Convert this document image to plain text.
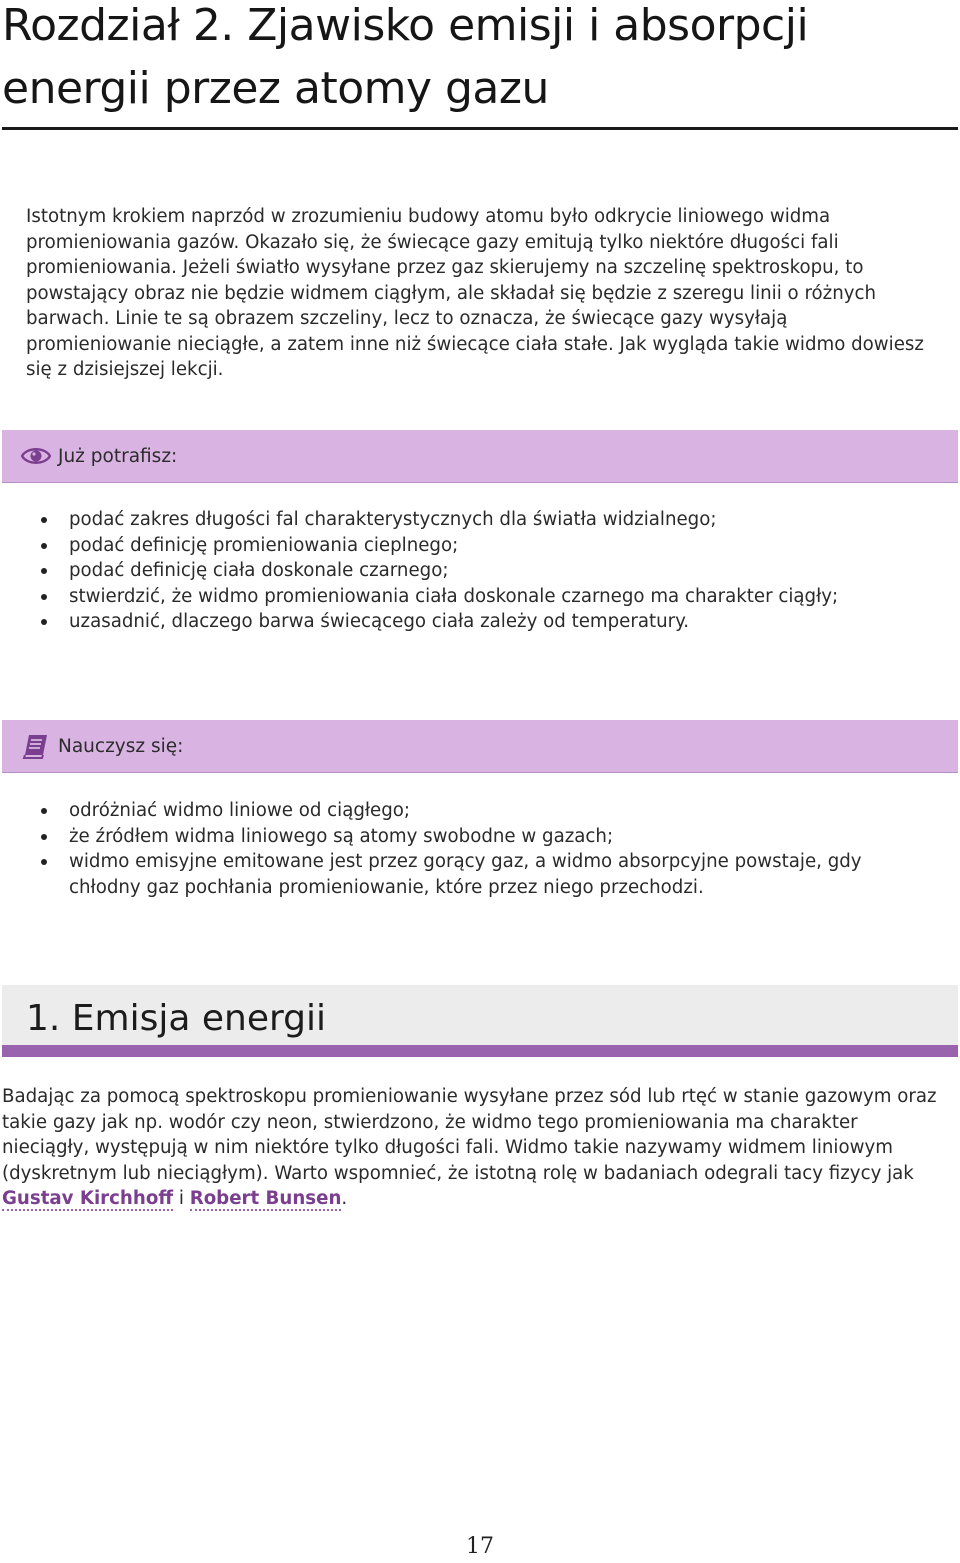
Rozdział 2. Zjawisko emisji i absorpcji energii przez atomy gazu

Istotnym krokiem naprzód w zrozumieniu budowy atomu było odkrycie liniowego widma promieniowania gazów. Okazało się, że świecące gazy emitują tylko niektóre długości fali promieniowania. Jeżeli światło wysyłane przez gaz skierujemy na szczelinę spektroskopu, to powstający obraz nie będzie widmem ciągłym, ale składał się będzie z szeregu linii o różnych barwach. Linie te są obrazem szczeliny, lecz to oznacza, że świecące gazy wysyłają promieniowanie nieciągłe, a zatem inne niż świecące ciała stałe. Jak wygląda takie widmo dowiesz się z dzisiejszej lekcji.

Już potrafisz:
podać zakres długości fal charakterystycznych dla światła widzialnego;
podać definicję promieniowania cieplnego;
podać definicję ciała doskonale czarnego;
stwierdzić, że widmo promieniowania ciała doskonale czarnego ma charakter ciągły;
uzasadnić, dlaczego barwa świecącego ciała zależy od temperatury.
Nauczysz się:
odróżniać widmo liniowe od ciągłego;
że źródłem widma liniowego są atomy swobodne w gazach;
widmo emisyjne emitowane jest przez gorący gaz, a widmo absorpcyjne powstaje, gdy chłodny gaz pochłania promieniowanie, które przez niego przechodzi.
1. Emisja energii

Badając za pomocą spektroskopu promieniowanie wysyłane przez sód lub rtęć w stanie gazowym oraz takie gazy jak np. wodór czy neon, stwierdzono, że widmo tego promieniowania ma charakter nieciągły, występują w nim niektóre tylko długości fali. Widmo takie nazywamy widmem liniowym (dyskretnym lub nieciągłym). Warto wspomnieć, że istotną rolę w badaniach odegrali tacy fizycy jak Gustav Kirchhoff i Robert Bunsen.

17
